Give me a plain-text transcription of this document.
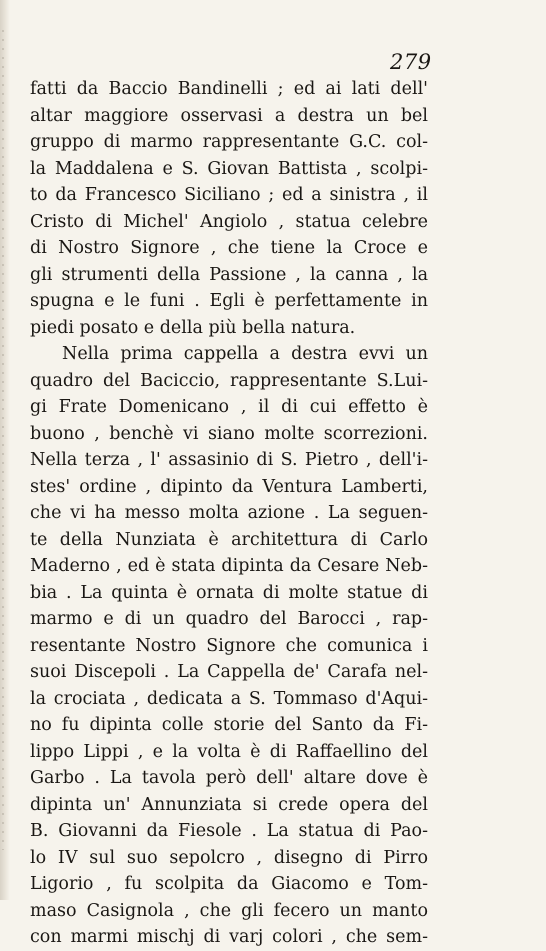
279
fatti da Baccio Bandinelli ; ed ai lati dell'
altar maggiore osservasi a destra un bel
gruppo di marmo rappresentante G.C. col-
la Maddalena e S. Giovan Battista , scolpi-
to da Francesco Siciliano ; ed a sinistra , il
Cristo di Michel' Angiolo , statua celebre
di Nostro Signore , che tiene la Croce e
gli strumenti della Passione , la canna , la
spugna e le funi . Egli è perfettamente in
piedi posato e della più bella natura.
Nella prima cappella a destra evvi un
quadro del Baciccio, rappresentante S.Lui-
gi Frate Domenicano , il di cui effetto è
buono , benchè vi siano molte scorrezioni.
Nella terza , l' assasinio di S. Pietro , dell'i-
stes' ordine , dipinto da Ventura Lamberti,
che vi ha messo molta azione . La seguen-
te della Nunziata è architettura di Carlo
Maderno , ed è stata dipinta da Cesare Neb-
bia . La quinta è ornata di molte statue di
marmo e di un quadro del Barocci , rap-
resentante Nostro Signore che comunica i
suoi Discepoli . La Cappella de' Carafa nel-
la crociata , dedicata a S. Tommaso d'Aqui-
no fu dipinta colle storie del Santo da Fi-
lippo Lippi , e la volta è di Raffaellino del
Garbo . La tavola però dell' altare dove è
dipinta un' Annunziata si crede opera del
B. Giovanni da Fiesole . La statua di Pao-
lo IV sul suo sepolcro , disegno di Pirro
Ligorio , fu scolpita da Giacomo e Tom-
maso Casignola , che gli fecero un manto
con marmi mischj di varj colori , che sem-
